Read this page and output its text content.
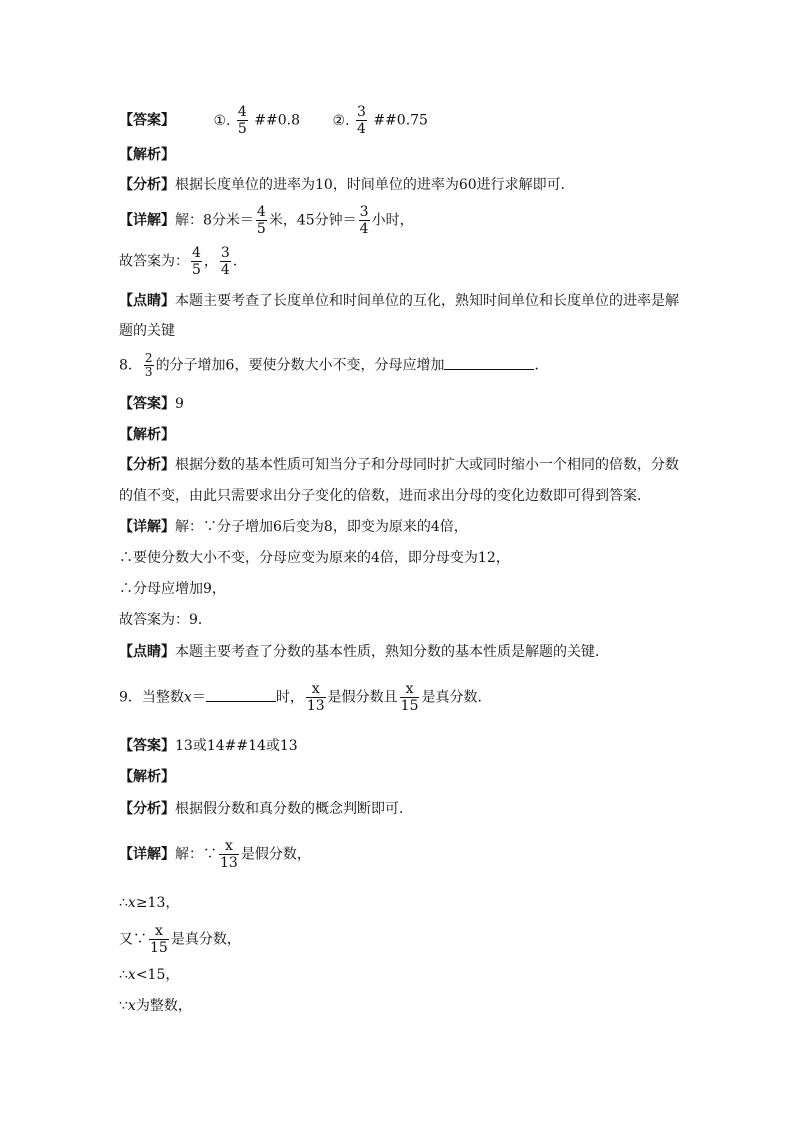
【答案】	①. $\frac{4}{5}$ ##0.8 ②. $\frac{3}{4}$ ##0.75
【解析】
【分析】根据长度单位的进率为10，时间单位的进率为60进行求解即可．
【详解】解：8分米＝ $\frac{4}{5}$ 米，45分钟＝ $\frac{3}{4}$ 小时，
故答案为： $\frac{4}{5}$ ， $\frac{3}{4}$ ．
【点睛】本题主要考查了长度单位和时间单位的互化，熟知时间单位和长度单位的进率是解
题的关键
8． $\frac{2}{3}$ 的分子增加6，要使分数大小不变，分母应增加	．
【答案】9
【解析】
【分析】根据分数的基本性质可知当分子和分母同时扩大或同时缩小一个相同的倍数，分数
的值不变，由此只需要求出分子变化的倍数，进而求出分母的变化边数即可得到答案．
【详解】解：∵分子增加6后变为8，即变为原来的4倍，
∴要使分数大小不变，分母应变为原来的4倍，即分母变为12，
∴分母应增加9，
故答案为：9．
【点睛】本题主要考查了分数的基本性质，熟知分数的基本性质是解题的关键．
9．当整数x＝	时， $\frac{x}{13}$ 是假分数且 $\frac{x}{15}$ 是真分数．
【答案】13或14##14或13
【解析】
【分析】根据假分数和真分数的概念判断即可．
【详解】解：∵ $\frac{x}{13}$ 是假分数，
∴x≥13，
又∵ $\frac{x}{15}$ 是真分数，
∴x<15，
∵x为整数，
